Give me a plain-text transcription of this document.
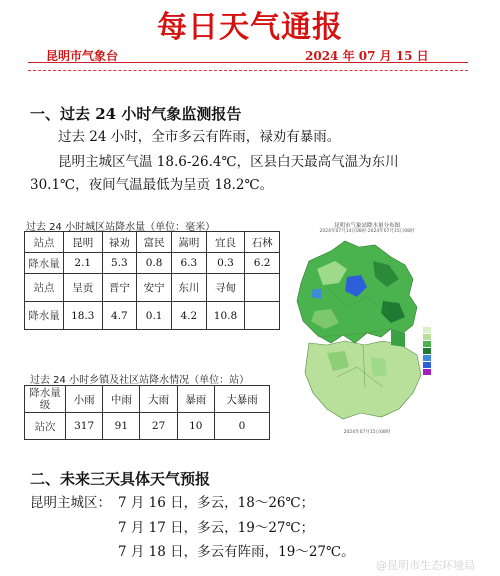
每日天气通报
昆明市气象台	2024 年 07 月 15 日
一、过去 24 小时气象监测报告
过去 24 小时，全市多云有阵雨，禄劝有暴雨。
昆明主城区气温 18.6-26.4℃，区县白天最高气温为东川
30.1℃，夜间气温最低为呈贡 18.2℃。
过去 24 小时城区站降水量（单位：毫米）
站点	昆明	禄劝	富民	嵩明	宜良	石林
降水量	2.1	5.3	0.8	6.3	0.3	6.2
站点	呈贡	晋宁	安宁	东川	寻甸	
降水量	18.3	4.7	0.1	4.2	10.8	
过去 24 小时乡镇及社区站降水情况（单位：站）
降水量级	小雨	中雨	大雨	暴雨	大暴雨
站次	317	91	27	10	0
昆明市气象站降水量分布图
2024年07月14日08时-2024年07月15日08时
2024年07月15日08时
二、未来三天具体天气预报
昆明主城区： 7 月 16 日，多云，18～26℃；
7 月 17 日，多云，19～27℃；
7 月 18 日，多云有阵雨，19～27℃。
@昆明市生态环境局
